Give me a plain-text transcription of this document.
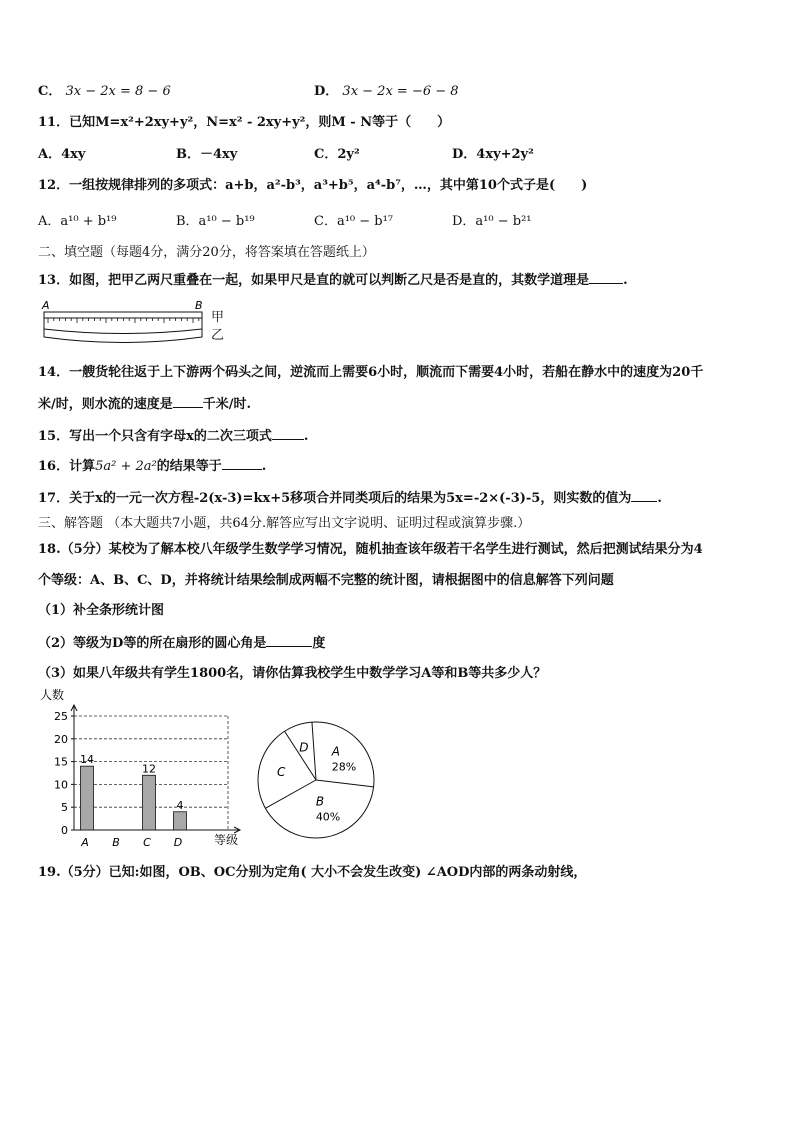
C． 3x − 2x = 8 − 6	D． 3x − 2x = −6 − 8
11．已知M=x²+2xy+y²，N=x² - 2xy+y²，则M - N等于（　　）
A．4xy	B．－4xy	C．2y²	D．4xy+2y²
12．一组按规律排列的多项式：a+b，a²-b³，a³+b⁵，a⁴-b⁷，…，其中第10个式子是(　　)
A．a¹⁰ + b¹⁹	B．a¹⁰ − b¹⁹	C．a¹⁰ − b¹⁷	D．a¹⁰ − b²¹
二、填空题（每题4分，满分20分，将答案填在答题纸上）
13．如图，把甲乙两尺重叠在一起，如果甲尺是直的就可以判断乙尺是否是直的，其数学道理是	.
A	B
甲
乙
14．一艘货轮往返于上下游两个码头之间，逆流而上需要6小时，顺流而下需要4小时，若船在静水中的速度为20千
米/时，则水流的速度是 千米/时.
15．写出一个只含有字母x的二次三项式 .
16．计算5a² + 2a²的结果等于	.
17．关于x的一元一次方程-2(x-3)=kx+5移项合并同类项后的结果为5x=-2×(-3)-5，则实数的值为 .
三、解答题 （本大题共7小题，共64分.解答应写出文字说明、证明过程或演算步骤.）
18.（5分）某校为了解本校八年级学生数学学习情况，随机抽查该年级若干名学生进行测试，然后把测试结果分为4
个等级：A、B、C、D，并将统计结果绘制成两幅不完整的统计图，请根据图中的信息解答下列问题
（1）补全条形统计图
（2）等级为D等的所在扇形的圆心角是	度
（3）如果八年级共有学生1800名，请你估算我校学生中数学学习A等和B等共多少人？
人数
0
5
10
15
20
25
14
12
4
A B C D	等级
A
28%
B
40%
C
D
19.（5分）已知:如图，OB、OC分别为定角( 大小不会发生改变) ∠AOD内部的两条动射线，
